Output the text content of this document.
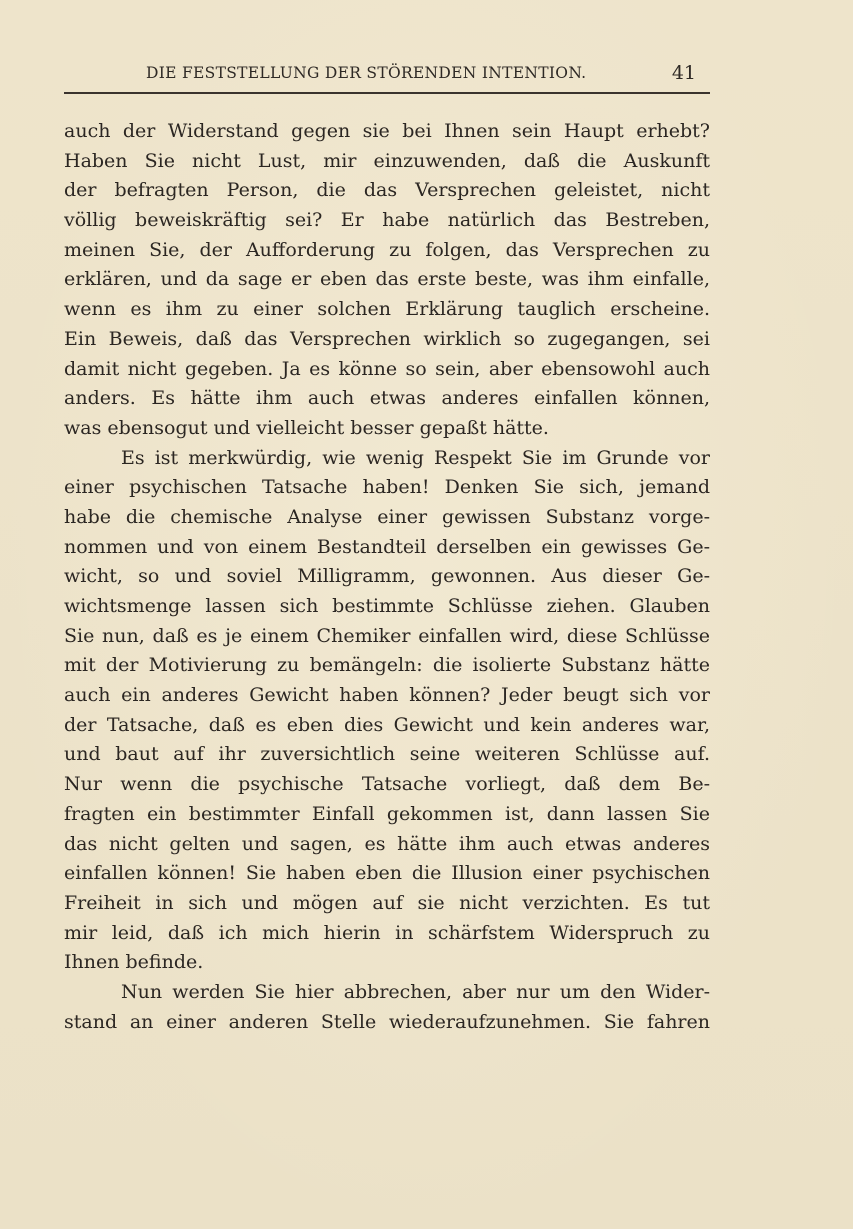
DIE FESTSTELLUNG DER STÖRENDEN INTENTION.	41
auch der Widerstand gegen sie bei Ihnen sein Haupt erhebt?
Haben Sie nicht Lust, mir einzuwenden, daß die Auskunft
der befragten Person, die das Versprechen geleistet, nicht
völlig beweiskräftig sei? Er habe natürlich das Bestreben,
meinen Sie, der Aufforderung zu folgen, das Versprechen zu
erklären, und da sage er eben das erste beste, was ihm einfalle,
wenn es ihm zu einer solchen Erklärung tauglich erscheine.
Ein Beweis, daß das Versprechen wirklich so zugegangen, sei
damit nicht gegeben. Ja es könne so sein, aber ebensowohl auch
anders. Es hätte ihm auch etwas anderes einfallen können,
was ebensogut und vielleicht besser gepaßt hätte.
Es ist merkwürdig, wie wenig Respekt Sie im Grunde vor
einer psychischen Tatsache haben! Denken Sie sich, jemand
habe die chemische Analyse einer gewissen Substanz vorge-
nommen und von einem Bestandteil derselben ein gewisses Ge-
wicht, so und soviel Milligramm, gewonnen. Aus dieser Ge-
wichtsmenge lassen sich bestimmte Schlüsse ziehen. Glauben
Sie nun, daß es je einem Chemiker einfallen wird, diese Schlüsse
mit der Motivierung zu bemängeln: die isolierte Substanz hätte
auch ein anderes Gewicht haben können? Jeder beugt sich vor
der Tatsache, daß es eben dies Gewicht und kein anderes war,
und baut auf ihr zuversichtlich seine weiteren Schlüsse auf.
Nur wenn die psychische Tatsache vorliegt, daß dem Be-
fragten ein bestimmter Einfall gekommen ist, dann lassen Sie
das nicht gelten und sagen, es hätte ihm auch etwas anderes
einfallen können! Sie haben eben die Illusion einer psychischen
Freiheit in sich und mögen auf sie nicht verzichten. Es tut
mir leid, daß ich mich hierin in schärfstem Widerspruch zu
Ihnen befinde.
Nun werden Sie hier abbrechen, aber nur um den Wider-
stand an einer anderen Stelle wiederaufzunehmen. Sie fahren
